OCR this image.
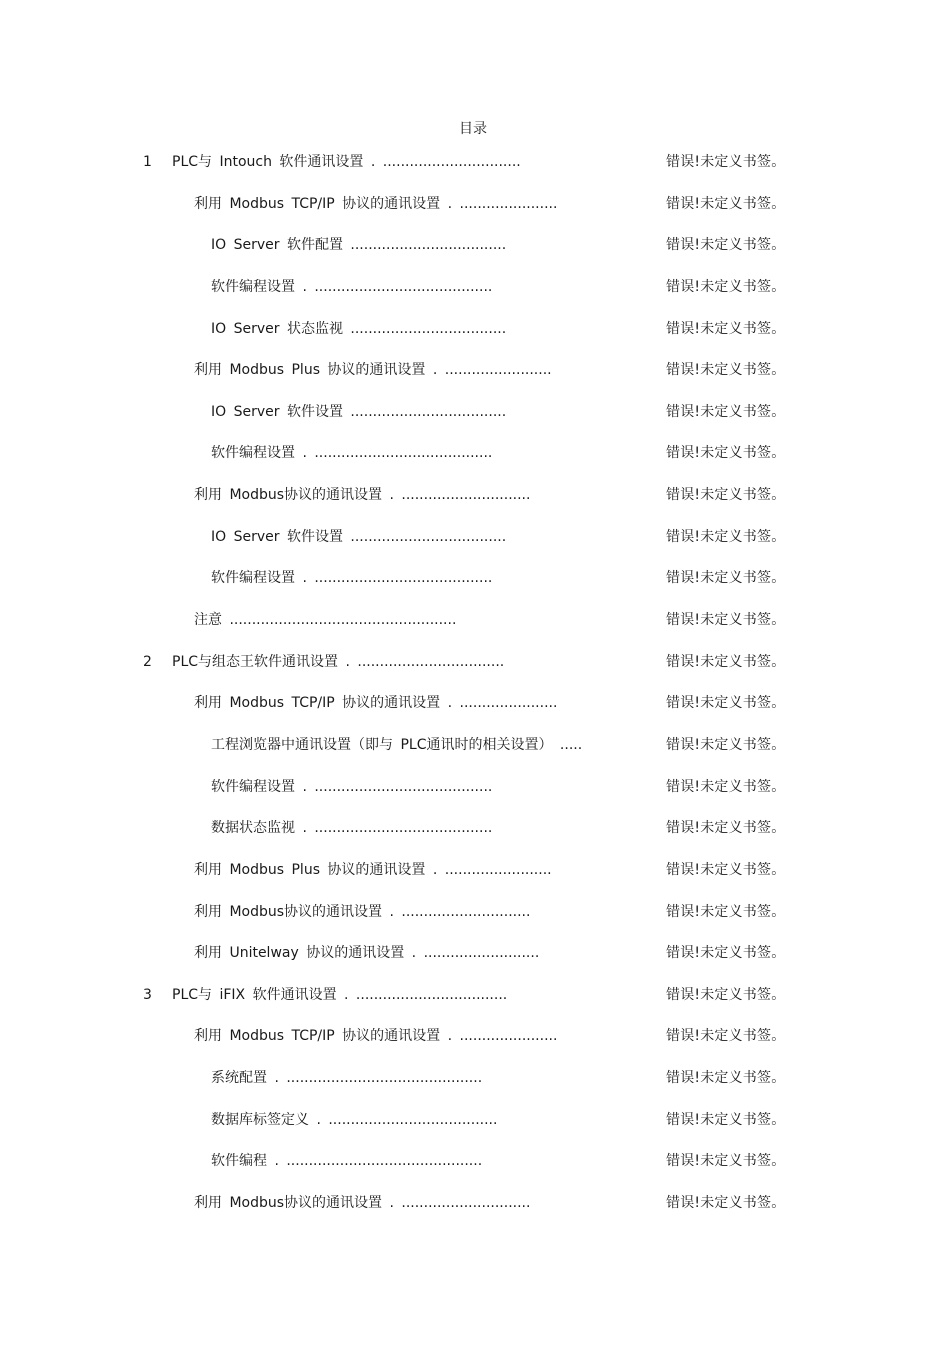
目录
1 PLC与 Intouch 软件通讯设置 . ...............................	错误!未定义书签。
利用 Modbus TCP/IP 协议的通讯设置 . ......................	错误!未定义书签。
IO Server 软件配置 ...................................	错误!未定义书签。
软件编程设置 . ........................................	错误!未定义书签。
IO Server 状态监视 ...................................	错误!未定义书签。
利用 Modbus Plus 协议的通讯设置 . ........................	错误!未定义书签。
IO Server 软件设置 ...................................	错误!未定义书签。
软件编程设置 . ........................................	错误!未定义书签。
利用 Modbus协议的通讯设置 . .............................	错误!未定义书签。
IO Server 软件设置 ...................................	错误!未定义书签。
软件编程设置 . ........................................	错误!未定义书签。
注意 ...................................................	错误!未定义书签。
2 PLC与组态王软件通讯设置 . .................................	错误!未定义书签。
利用 Modbus TCP/IP 协议的通讯设置 . ......................	错误!未定义书签。
工程浏览器中通讯设置（即与 PLC通讯时的相关设置） .....	错误!未定义书签。
软件编程设置 . ........................................	错误!未定义书签。
数据状态监视 . ........................................	错误!未定义书签。
利用 Modbus Plus 协议的通讯设置 . ........................	错误!未定义书签。
利用 Modbus协议的通讯设置 . .............................	错误!未定义书签。
利用 Unitelway 协议的通讯设置 . ..........................	错误!未定义书签。
3 PLC与 iFIX 软件通讯设置 . ..................................	错误!未定义书签。
利用 Modbus TCP/IP 协议的通讯设置 . ......................	错误!未定义书签。
系统配置 . ............................................	错误!未定义书签。
数据库标签定义 . ......................................	错误!未定义书签。
软件编程 . ............................................	错误!未定义书签。
利用 Modbus协议的通讯设置 . .............................	错误!未定义书签。
